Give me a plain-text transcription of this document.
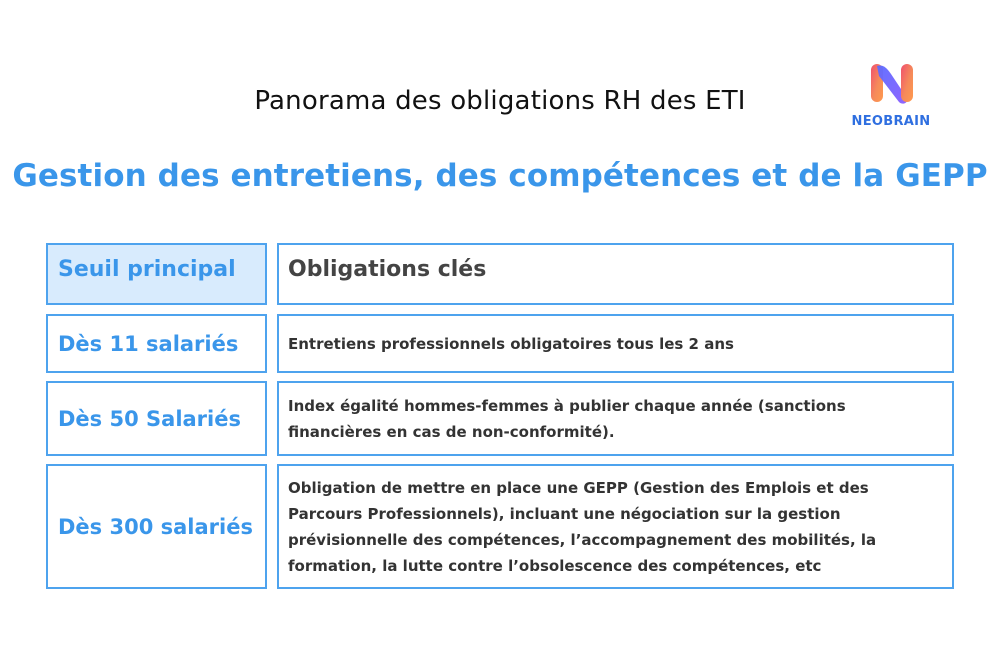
Panorama des obligations RH des ETI
NEOBRAIN
Gestion des entretiens, des compétences et de la GEPP
Seuil principal Obligations clés
Dès 11 salariés	Entretiens professionnels obligatoires tous les 2 ans
Dès 50 Salariés
Index égalité hommes-femmes à publier chaque année (sanctions financières en cas de non-conformité).
Dès 300 salariés
Obligation de mettre en place une GEPP (Gestion des Emplois et des Parcours Professionnels), incluant une négociation sur la gestion prévisionnelle des compétences, l’accompagnement des mobilités, la formation, la lutte contre l’obsolescence des compétences, etc
